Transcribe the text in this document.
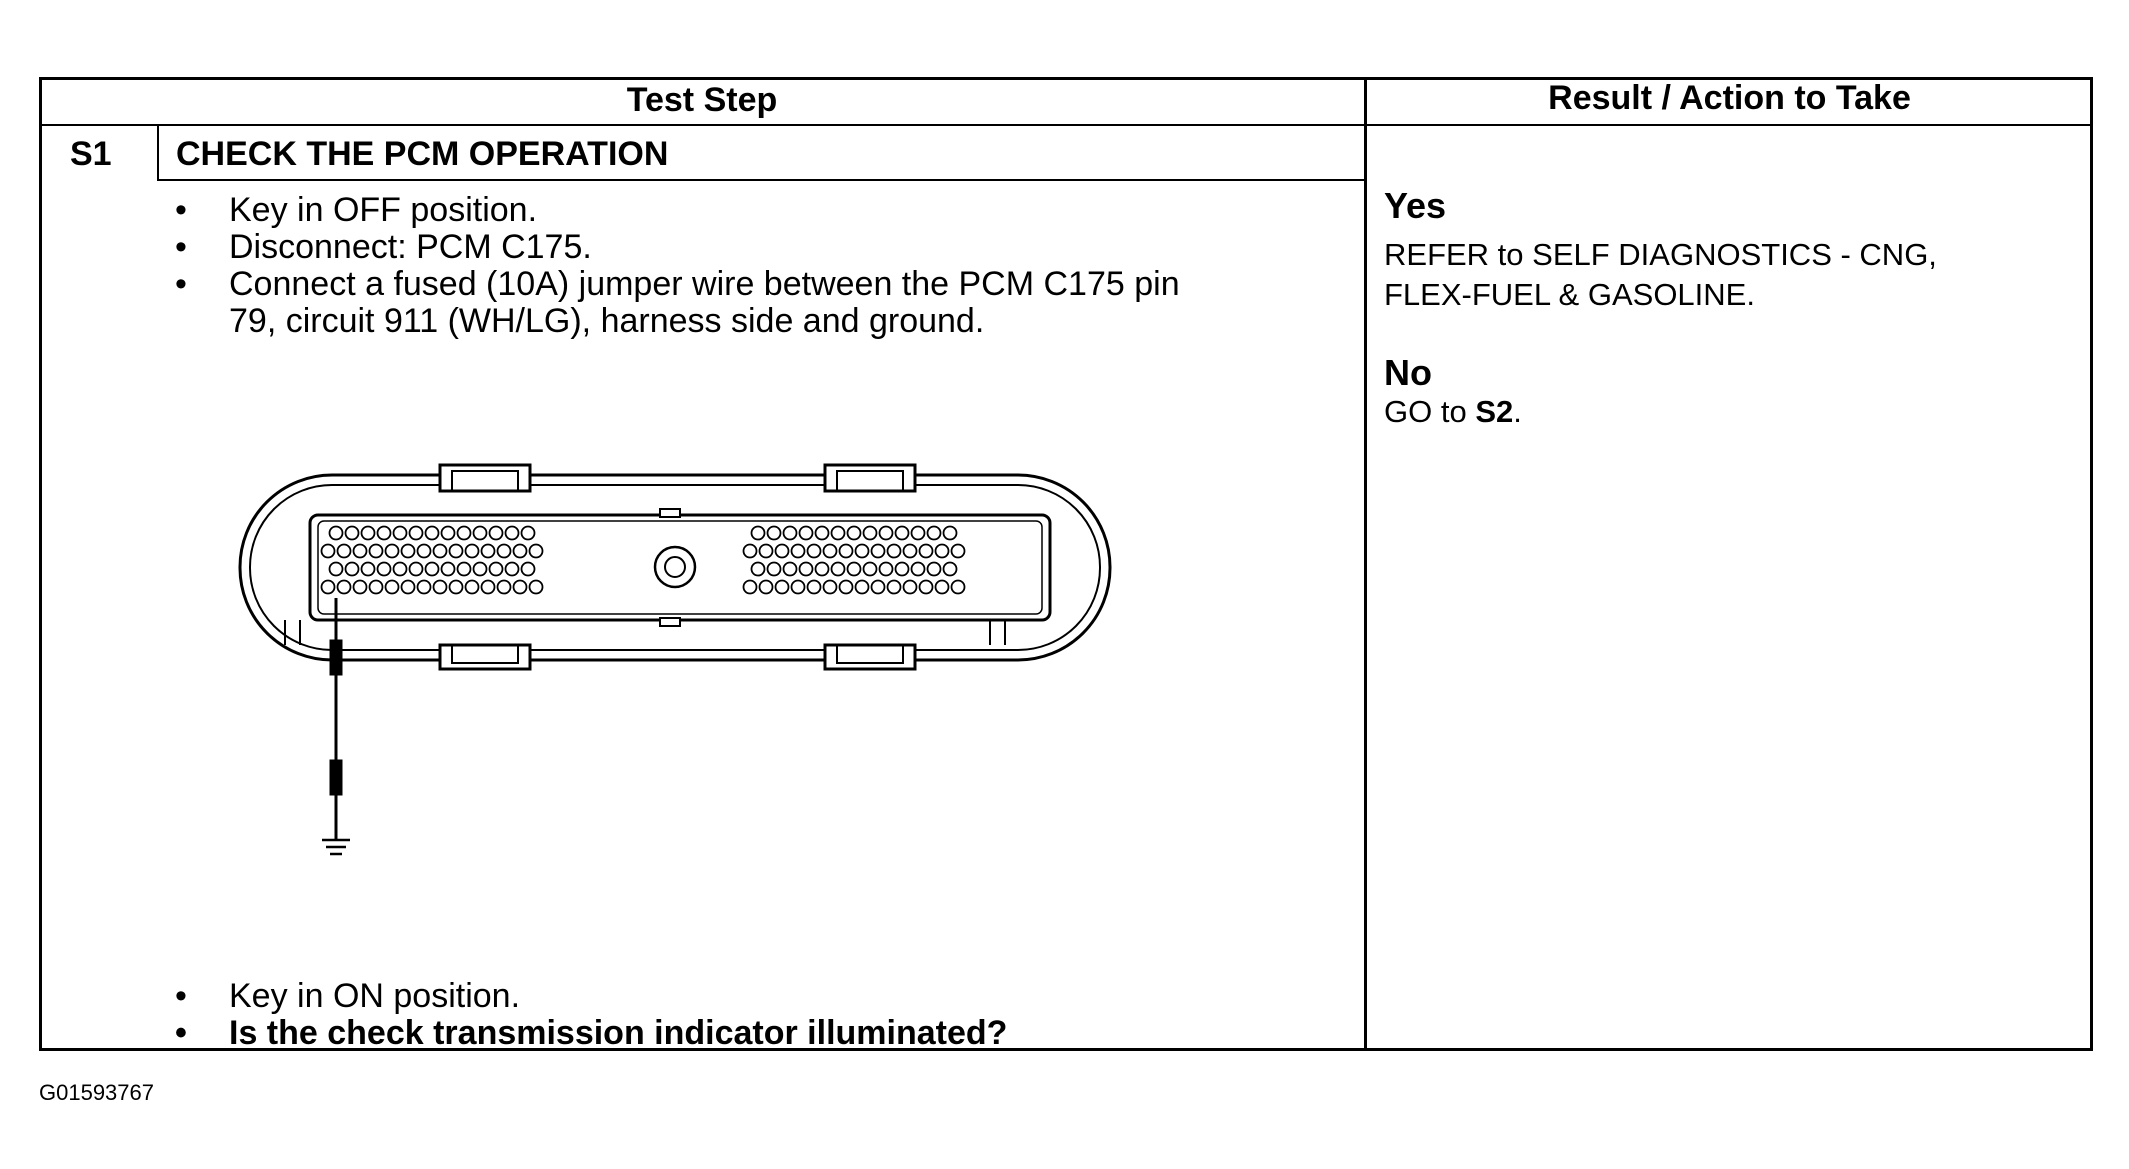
Test Step	Result / Action to Take
S1 CHECK THE PCM OPERATION
• Key in OFF position.
• Disconnect: PCM C175.
• Connect a fused (10A) jumper wire between the PCM C175 pin
79, circuit 911 (WH/LG), harness side and ground.
• Key in ON position.
• Is the check transmission indicator illuminated?
Yes
REFER to SELF DIAGNOSTICS - CNG,
FLEX-FUEL & GASOLINE.
No
GO to S2.
G01593767
